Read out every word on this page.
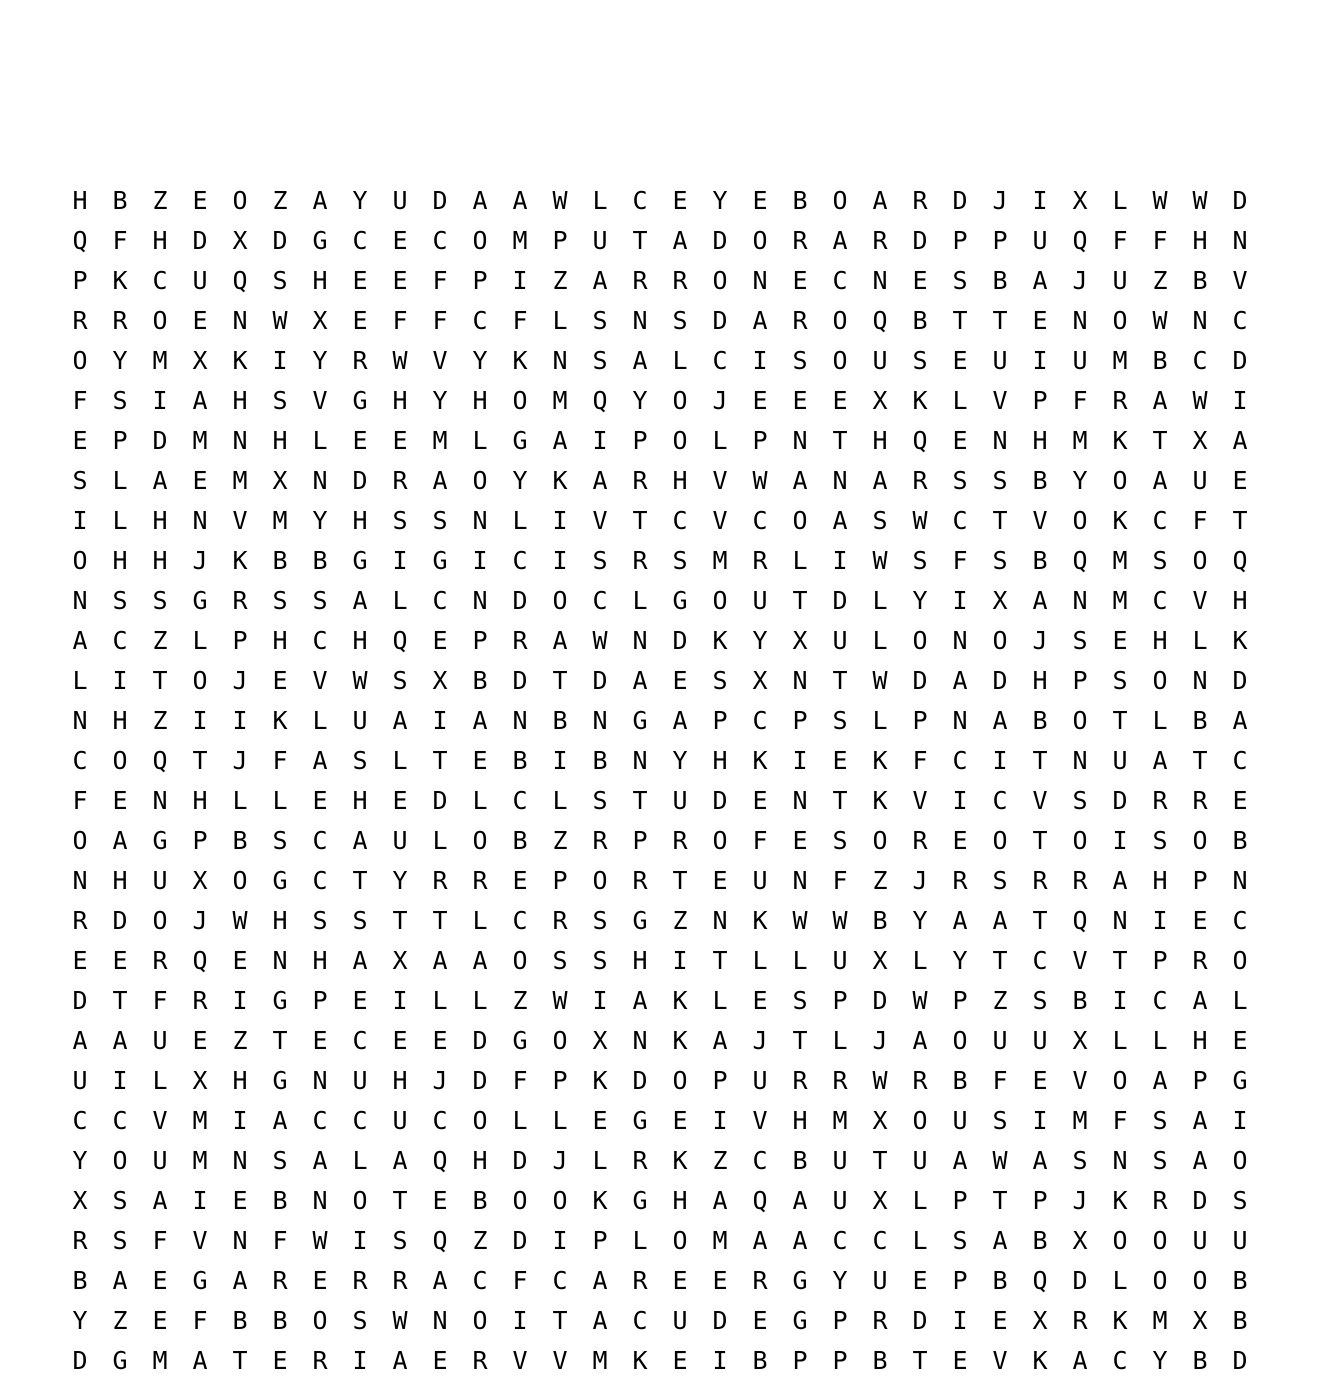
H B Z E O Z A Y U D A A W L C E Y E B O A R D J I X L W W D
Q F H D X D G C E C O M P U T A D O R A R D P P U Q F F H N
P K C U Q S H E E F P I Z A R R O N E C N E S B A J U Z B V
R R O E N W X E F F C F L S N S D A R O Q B T T E N O W N C
O Y M X K I Y R W V Y K N S A L C I S O U S E U I U M B C D
F S I A H S V G H Y H O M Q Y O J E E E X K L V P F R A W I
E P D M N H L E E M L G A I P O L P N T H Q E N H M K T X A
S L A E M X N D R A O Y K A R H V W A N A R S S B Y O A U E
I L H N V M Y H S S N L I V T C V C O A S W C T V O K C F T
O H H J K B B G I G I C I S R S M R L I W S F S B Q M S O Q
N S S G R S S A L C N D O C L G O U T D L Y I X A N M C V H
A C Z L P H C H Q E P R A W N D K Y X U L O N O J S E H L K
L I T O J E V W S X B D T D A E S X N T W D A D H P S O N D
N H Z I I K L U A I A N B N G A P C P S L P N A B O T L B A
C O Q T J F A S L T E B I B N Y H K I E K F C I T N U A T C
F E N H L L E H E D L C L S T U D E N T K V I C V S D R R E
O A G P B S C A U L O B Z R P R O F E S O R E O T O I S O B
N H U X O G C T Y R R E P O R T E U N F Z J R S R R A H P N
R D O J W H S S T T L C R S G Z N K W W B Y A A T Q N I E C
E E R Q E N H A X A A O S S H I T L L U X L Y T C V T P R O
D T F R I G P E I L L Z W I A K L E S P D W P Z S B I C A L
A A U E Z T E C E E D G O X N K A J T L J A O U U X L L H E
U I L X H G N U H J D F P K D O P U R R W R B F E V O A P G
C C V M I A C C U C O L L E G E I V H M X O U S I M F S A I
Y O U M N S A L A Q H D J L R K Z C B U T U A W A S N S A O
X S A I E B N O T E B O O K G H A Q A U X L P T P J K R D S
R S F V N F W I S Q Z D I P L O M A A C C L S A B X O O U U
B A E G A R E R R A C F C A R E E R G Y U E P B Q D L O O B
Y Z E F B B O S W N O I T A C U D E G P R D I E X R K M X B
D G M A T E R I A E R V V M K E I B P P B T E V K A C Y B D
